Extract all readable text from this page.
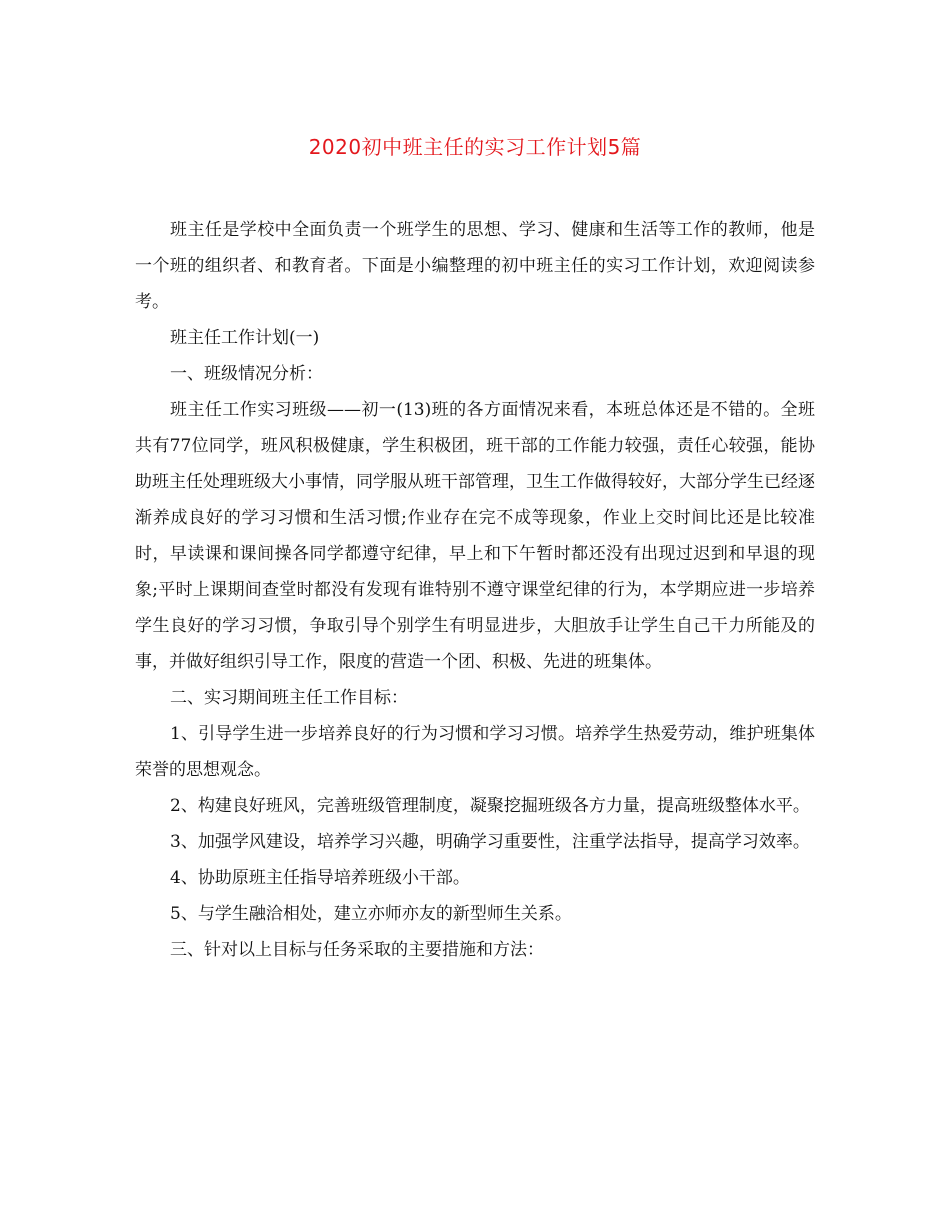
2020初中班主任的实习工作计划5篇

班主任是学校中全面负责一个班学生的思想、学习、健康和生活等工作的教师，他是一个班的组织者、和教育者。下面是小编整理的初中班主任的实习工作计划，欢迎阅读参考。

班主任工作计划(一)

一、班级情况分析：

班主任工作实习班级——初一(13)班的各方面情况来看，本班总体还是不错的。全班共有77位同学，班风积极健康，学生积极团，班干部的工作能力较强，责任心较强，能协助班主任处理班级大小事情，同学服从班干部管理，卫生工作做得较好，大部分学生已经逐渐养成良好的学习习惯和生活习惯;作业存在完不成等现象，作业上交时间比还是比较准时，早读课和课间操各同学都遵守纪律，早上和下午暂时都还没有出现过迟到和早退的现象;平时上课期间查堂时都没有发现有谁特别不遵守课堂纪律的行为，本学期应进一步培养学生良好的学习习惯，争取引导个别学生有明显进步，大胆放手让学生自己干力所能及的事，并做好组织引导工作，限度的营造一个团、积极、先进的班集体。

二、实习期间班主任工作目标：

1、引导学生进一步培养良好的行为习惯和学习习惯。培养学生热爱劳动，维护班集体荣誉的思想观念。

2、构建良好班风，完善班级管理制度，凝聚挖掘班级各方力量，提高班级整体水平。

3、加强学风建设，培养学习兴趣，明确学习重要性，注重学法指导，提高学习效率。

4、协助原班主任指导培养班级小干部。

5、与学生融洽相处，建立亦师亦友的新型师生关系。

三、针对以上目标与任务采取的主要措施和方法：
